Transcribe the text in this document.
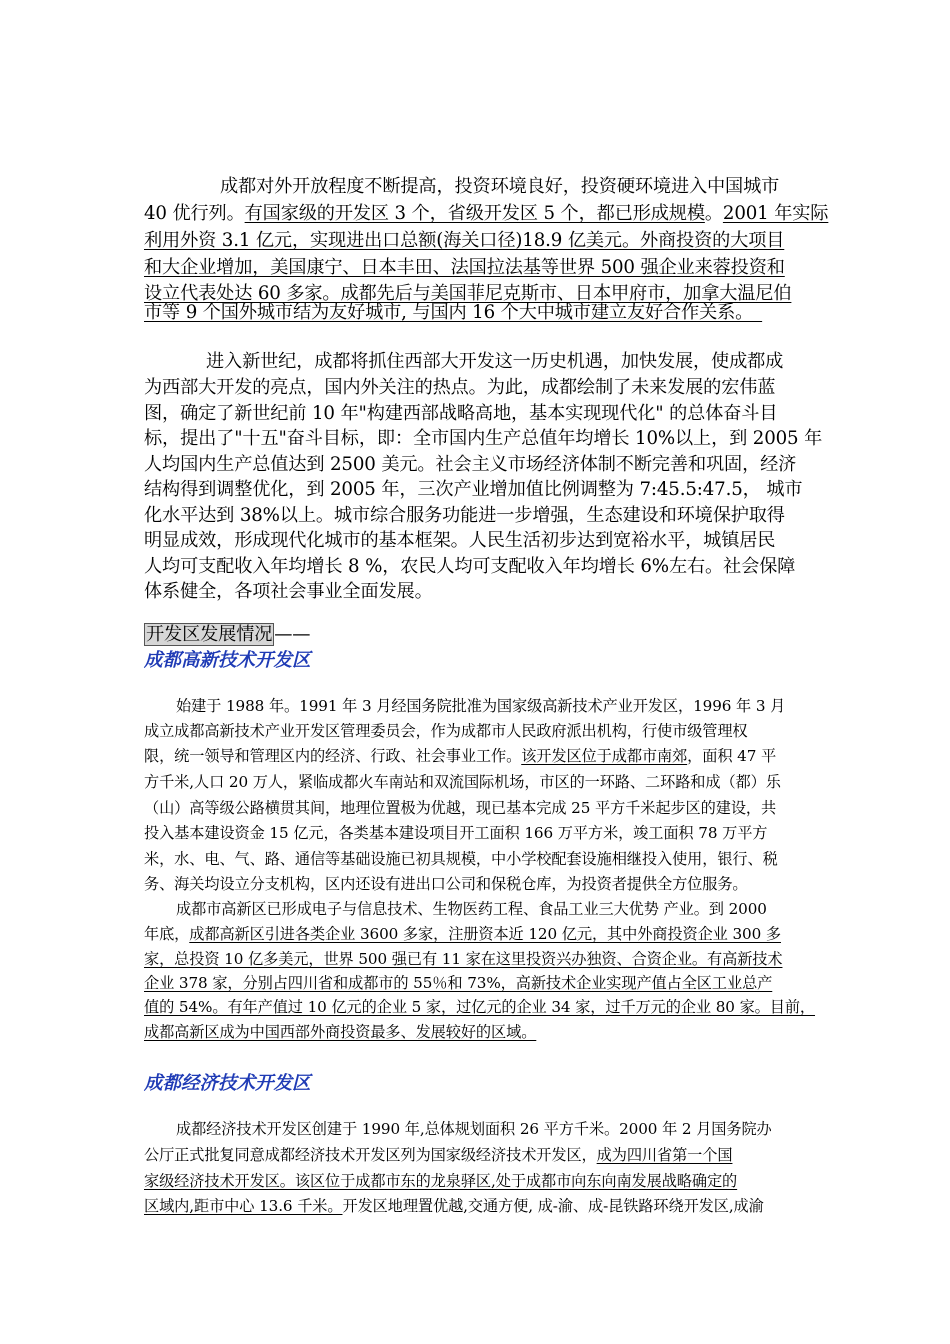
成都对外开放程度不断提高，投资环境良好，投资硬环境进入中国城市
40 优行列。有国家级的开发区 3 个，省级开发区 5 个，都已形成规模。2001 年实际
利用外资 3.1 亿元，实现进出口总额(海关口径)18.9 亿美元。外商投资的大项目
和大企业增加，美国康宁、日本丰田、法国拉法基等世界 500 强企业来蓉投资和
设立代表处达 60 多家。成都先后与美国菲尼克斯市、日本甲府市，加拿大温尼伯
市等 9 个国外城市结为友好城市, 与国内 16 个大中城市建立友好合作关系。　
进入新世纪，成都将抓住西部大开发这一历史机遇，加快发展，使成都成
为西部大开发的亮点，国内外关注的热点。为此，成都绘制了未来发展的宏伟蓝
图，确定了新世纪前 10 年"构建西部战略高地，基本实现现代化" 的总体奋斗目
标，提出了"十五"奋斗目标，即：全市国内生产总值年均增长 10%以上，到 2005 年
人均国内生产总值达到 2500 美元。社会主义市场经济体制不断完善和巩固，经济
结构得到调整优化，到 2005 年，三次产业增加值比例调整为 7:45.5:47.5， 城市
化水平达到 38%以上。城市综合服务功能进一步增强，生态建设和环境保护取得
明显成效，形成现代化城市的基本框架。人民生活初步达到宽裕水平，城镇居民
人均可支配收入年均增长 8 %，农民人均可支配收入年均增长 6%左右。社会保障
体系健全，各项社会事业全面发展。
开发区发展情况 ——
成都高新技术开发区
始建于 1988 年。1991 年 3 月经国务院批准为国家级高新技术产业开发区，1996 年 3 月
成立成都高新技术产业开发区管理委员会，作为成都市人民政府派出机构，行使市级管理权
限，统一领导和管理区内的经济、行政、社会事业工作。该开发区位于成都市南郊，面积 47 平
方千米,人口 20 万人，紧临成都火车南站和双流国际机场，市区的一环路、二环路和成（都）乐
（山）高等级公路横贯其间，地理位置极为优越，现已基本完成 25 平方千米起步区的建设，共
投入基本建设资金 15 亿元，各类基本建设项目开工面积 166 万平方米，竣工面积 78 万平方
米，水、电、气、路、通信等基础设施已初具规模，中小学校配套设施相继投入使用，银行、税
务、海关均设立分支机构，区内还设有进出口公司和保税仓库，为投资者提供全方位服务。
成都市高新区已形成电子与信息技术、生物医药工程、食品工业三大优势 产业。到 2000
年底，成都高新区引进各类企业 3600 多家，注册资本近 120 亿元，其中外商投资企业 300 多
家，总投资 10 亿多美元，世界 500 强已有 11 家在这里投资兴办独资、合资企业。有高新技术
企业 378 家，分别占四川省和成都市的 55％和 73%，高新技术企业实现产值占全区工业总产
值的 54%。有年产值过 10 亿元的企业 5 家，过亿元的企业 34 家，过千万元的企业 80 家。目前，
成都高新区成为中国西部外商投资最多、发展较好的区域。
成都经济技术开发区
成都经济技术开发区创建于 1990 年,总体规划面积 26 平方千米。2000 年 2 月国务院办
公厅正式批复同意成都经济技术开发区列为国家级经济技术开发区，成为四川省第一个国
家级经济技术开发区。该区位于成都市东的龙泉驿区,处于成都市向东向南发展战略确定的
区域内,距市中心 13.6 千米。开发区地理置优越,交通方便, 成-渝、成-昆铁路环绕开发区,成渝
